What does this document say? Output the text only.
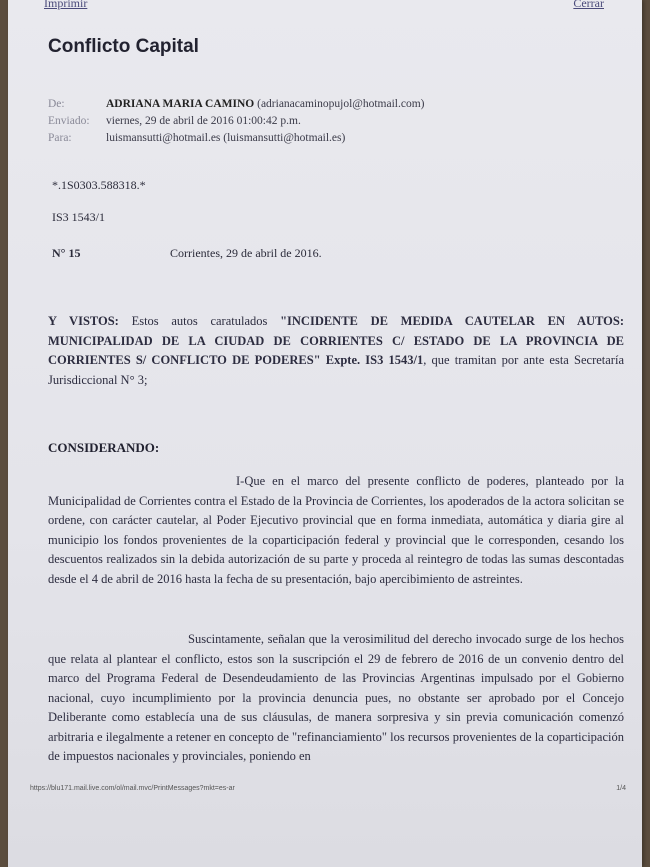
Imprimir	Cerrar
Conflicto Capital
De:	ADRIANA MARIA CAMINO (adrianacaminopujol@hotmail.com)
Enviado:	viernes, 29 de abril de 2016 01:00:42 p.m.
Para:	luismansutti@hotmail.es (luismansutti@hotmail.es)
*.1S0303.588318.*
IS3 1543/1
N° 15	Corrientes, 29 de abril de 2016.
Y VISTOS: Estos autos caratulados "INCIDENTE DE MEDIDA CAUTELAR EN AUTOS: MUNICIPALIDAD DE LA CIUDAD DE CORRIENTES C/ ESTADO DE LA PROVINCIA DE CORRIENTES S/ CONFLICTO DE PODERES" Expte. IS3 1543/1, que tramitan por ante esta Secretaría Jurisdiccional N° 3;
CONSIDERANDO:
I-Que en el marco del presente conflicto de poderes, planteado por la Municipalidad de Corrientes contra el Estado de la Provincia de Corrientes, los apoderados de la actora solicitan se ordene, con carácter cautelar, al Poder Ejecutivo provincial que en forma inmediata, automática y diaria gire al municipio los fondos provenientes de la coparticipación federal y provincial que le corresponden, cesando los descuentos realizados sin la debida autorización de su parte y proceda al reintegro de todas las sumas descontadas desde el 4 de abril de 2016 hasta la fecha de su presentación, bajo apercibimiento de astreintes.
Suscintamente, señalan que la verosimilitud del derecho invocado surge de los hechos que relata al plantear el conflicto, estos son la suscripción el 29 de febrero de 2016 de un convenio dentro del marco del Programa Federal de Desendeudamiento de las Provincias Argentinas impulsado por el Gobierno nacional, cuyo incumplimiento por la provincia denuncia pues, no obstante ser aprobado por el Concejo Deliberante como establecía una de sus cláusulas, de manera sorpresiva y sin previa comunicación comenzó arbitraria e ilegalmente a retener en concepto de "refinanciamiento" los recursos provenientes de la coparticipación de impuestos nacionales y provinciales, poniendo en
https://blu171.mail.live.com/ol/mail.mvc/PrintMessages?mkt=es-ar	1/4
